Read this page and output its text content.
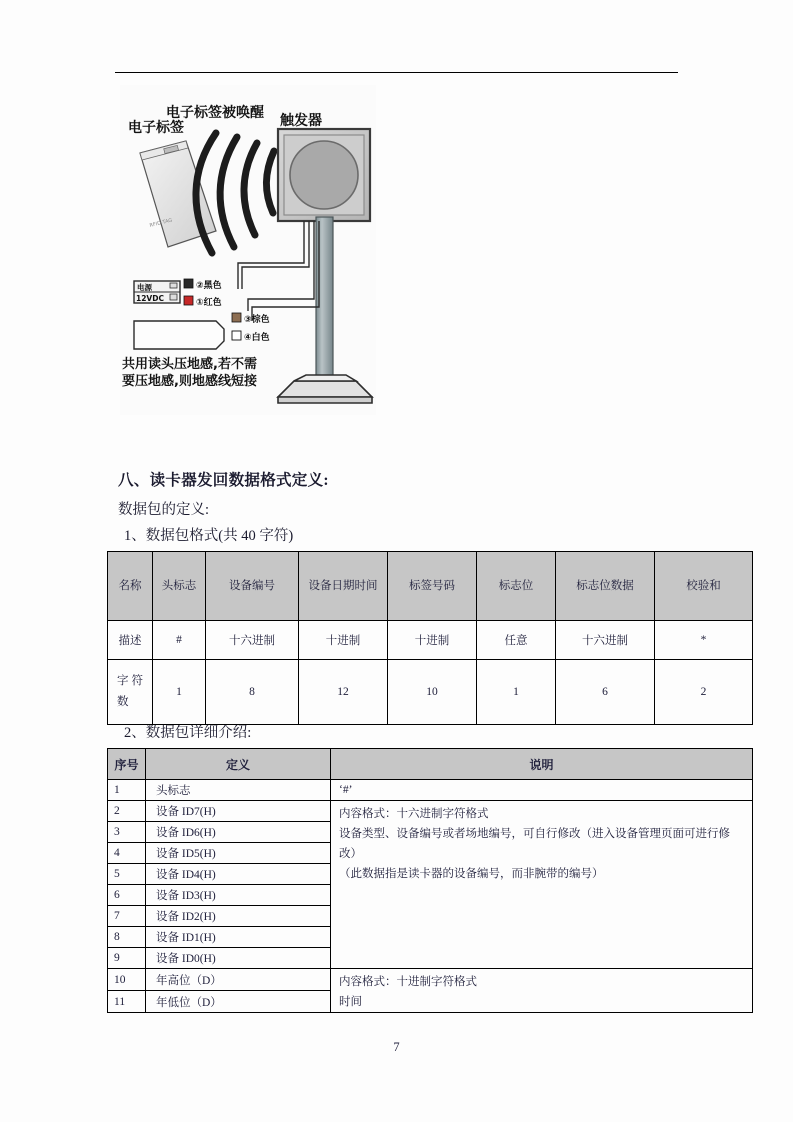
电子标签被唤醒
电子标签	触发器
RFID TAG
电源
12VDC
②黑色
①红色
③棕色
④白色
共用读头压地感,若不需
要压地感,则地感线短接
八、读卡器发回数据格式定义:
数据包的定义:
1、数据包格式(共 40 字符)
2、数据包详细介绍:
名称	头标志	设备编号	设备日期时间	标签号码	标志位	标志位数据	校验和
描述	#	十六进制	十进制	十进制	任意	十六进制	*
字 符 数	1	8	12	10	1	6	2
序号	定义	说明
1	头标志	‘#’
2	设备 ID7(H)	内容格式：十六进制字符格式
设备类型、设备编号或者场地编号，可自行修改（进入设备管理页面可进行修
改）
（此数据指是读卡器的设备编号，而非腕带的编号）

3	设备 ID6(H)	
4	设备 ID5(H)	
5	设备 ID4(H)	
6	设备 ID3(H)	
7	设备 ID2(H)	
8	设备 ID1(H)	
9	设备 ID0(H)	
10	年高位（D）	内容格式：十进制字符格式
时间

11	年低位（D）	
7
